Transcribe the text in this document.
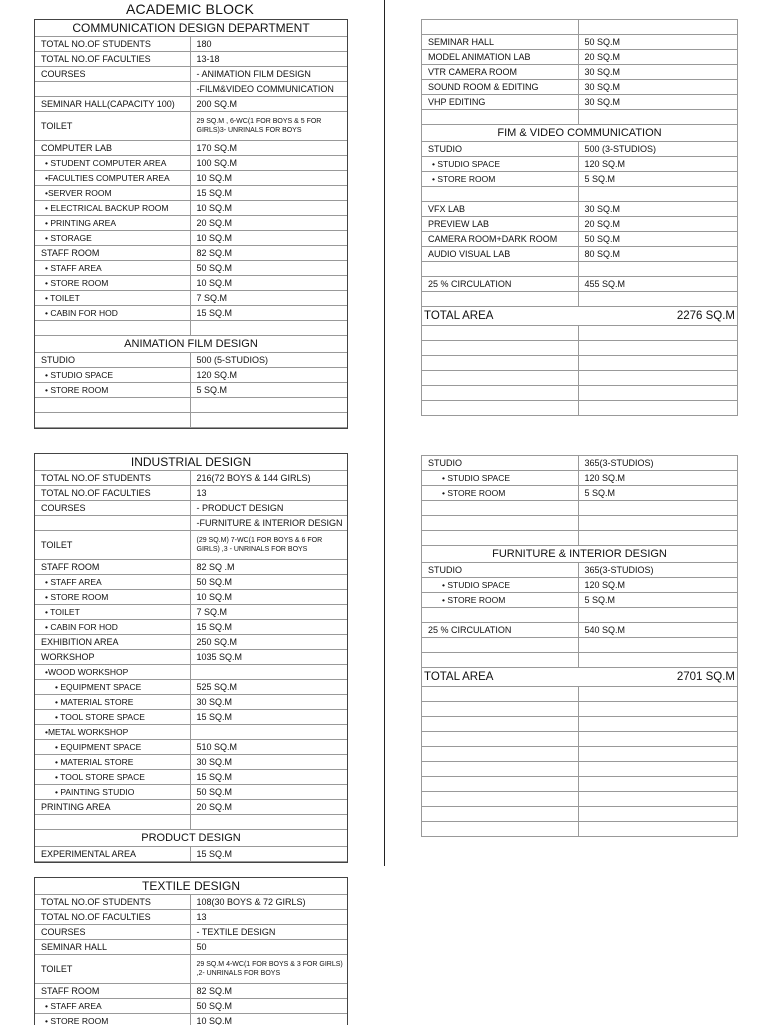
ACADEMIC BLOCK
COMMUNICATION DESIGN DEPARTMENT	
TOTAL NO.OF STUDENTS	180
TOTAL NO.OF FACULTIES	13-18
COURSES	- ANIMATION FILM DESIGN
	-FILM&VIDEO COMMUNICATION
SEMINAR HALL(CAPACITY 100)	200 SQ.M
TOILET	29 SQ.M , 6-WC(1 FOR BOYS & 5 FOR GIRLS)3- UNRINALS FOR BOYS
COMPUTER LAB	170 SQ.M
• STUDENT COMPUTER AREA	100 SQ.M
•FACULTIES COMPUTER AREA	10 SQ.M
•SERVER ROOM	15 SQ.M
• ELECTRICAL BACKUP ROOM	10 SQ.M
• PRINTING AREA	20 SQ.M
• STORAGE	10 SQ.M
STAFF ROOM	82 SQ.M
• STAFF AREA	50 SQ.M
• STORE ROOM	10 SQ.M
• TOILET	7 SQ.M
• CABIN FOR HOD	15 SQ.M

ANIMATION FILM DESIGN	
STUDIO	500 (5-STUDIOS)
• STUDIO SPACE	120 SQ.M
• STORE ROOM	5 SQ.M

SEMINAR HALL	50 SQ.M
MODEL ANIMATION LAB	20 SQ.M
VTR CAMERA ROOM	30 SQ.M
SOUND ROOM & EDITING	30 SQ.M
VHP EDITING	30 SQ.M

FIM & VIDEO COMMUNICATION	
STUDIO	500 (3-STUDIOS)
• STUDIO SPACE	120 SQ.M
• STORE ROOM	5 SQ.M

VFX LAB	30 SQ.M
PREVIEW LAB	20 SQ.M
CAMERA ROOM+DARK ROOM	50 SQ.M
AUDIO VISUAL LAB	80 SQ.M

25 % CIRCULATION	455 SQ.M

TOTAL AREA	2276 SQ.M

INDUSTRIAL DESIGN	
TOTAL NO.OF STUDENTS	216(72 BOYS & 144 GIRLS)
TOTAL NO.OF FACULTIES	13
COURSES	- PRODUCT DESIGN
	-FURNITURE & INTERIOR DESIGN
TOILET	(29 SQ.M) 7-WC(1 FOR BOYS & 6 FOR GIRLS) ,3 - UNRINALS FOR BOYS
STAFF ROOM	82 SQ .M
• STAFF AREA	50 SQ.M
• STORE ROOM	10 SQ.M
• TOILET	7 SQ.M
• CABIN FOR HOD	15 SQ.M
EXHIBITION AREA	250 SQ.M
WORKSHOP	1035 SQ.M
•WOOD WORKSHOP	
• EQUIPMENT SPACE	525 SQ.M
• MATERIAL STORE	30 SQ.M
• TOOL STORE SPACE	15 SQ.M
•METAL WORKSHOP	
• EQUIPMENT SPACE	510 SQ.M
• MATERIAL STORE	30 SQ.M
• TOOL STORE SPACE	15 SQ.M
• PAINTING STUDIO	50 SQ.M
PRINTING AREA	20 SQ.M

PRODUCT DESIGN	
EXPERIMENTAL AREA	15 SQ.M
STUDIO	365(3-STUDIOS)
• STUDIO SPACE	120 SQ.M
• STORE ROOM	5 SQ.M

FURNITURE & INTERIOR DESIGN	
STUDIO	365(3-STUDIOS)
• STUDIO SPACE	120 SQ.M
• STORE ROOM	5 SQ.M

25 % CIRCULATION	540 SQ.M

TOTAL AREA	2701 SQ.M

TEXTILE DESIGN	
TOTAL NO.OF STUDENTS	108(30 BOYS & 72 GIRLS)
TOTAL NO.OF FACULTIES	13
COURSES	- TEXTILE DESIGN
SEMINAR HALL	50
TOILET	29 SQ.M 4-WC(1 FOR BOYS & 3 FOR GIRLS) ,2- UNRINALS FOR BOYS
STAFF ROOM	82 SQ.M
• STAFF AREA	50 SQ.M
• STORE ROOM	10 SQ.M
